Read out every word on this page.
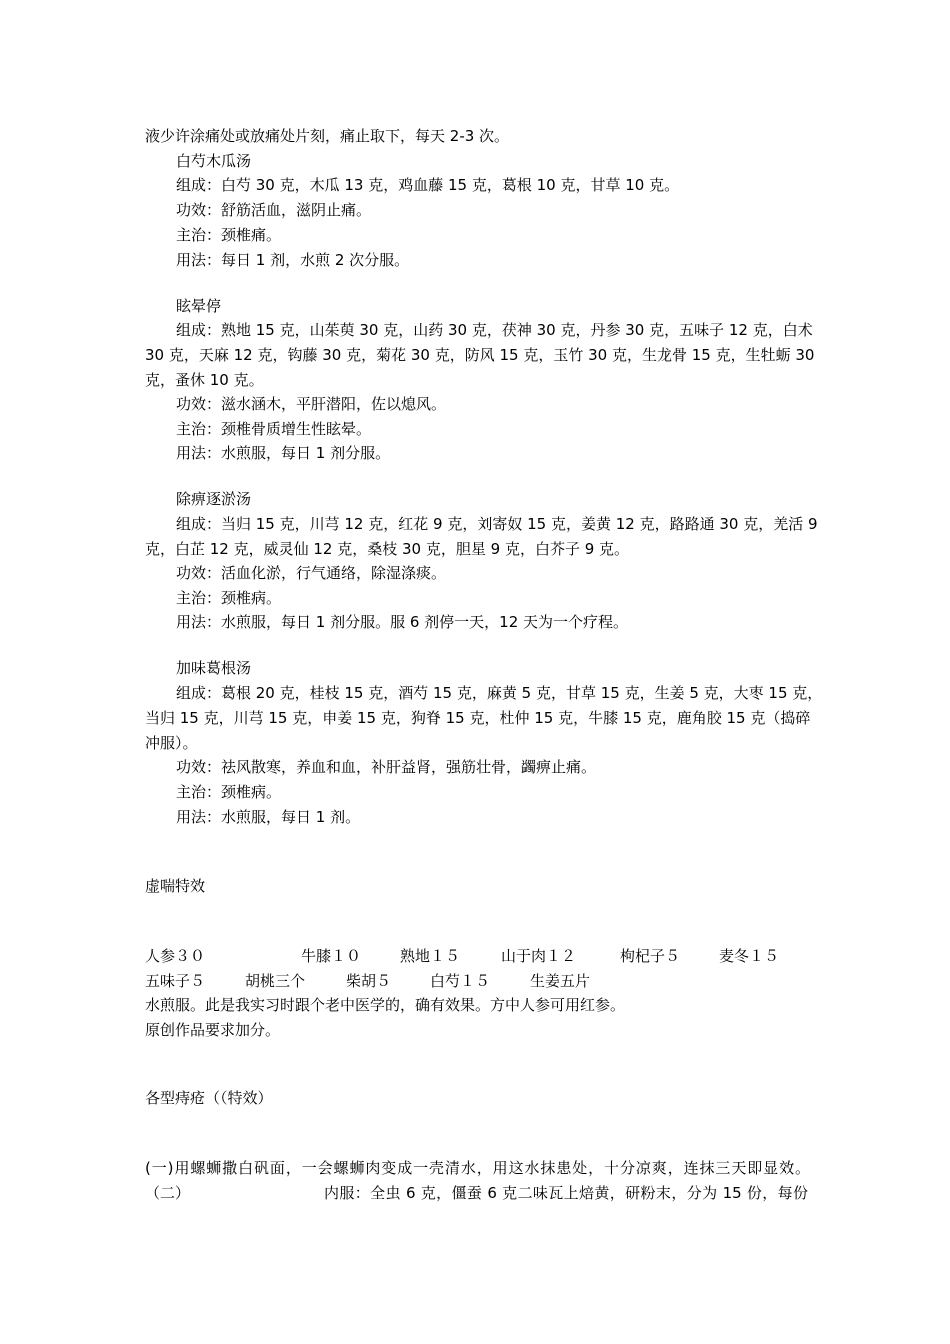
液少许涂痛处或放痛处片刻，痛止取下，每天 2-3 次。
白芍木瓜汤
组成：白芍 30 克，木瓜 13 克，鸡血藤 15 克，葛根 10 克，甘草 10 克。
功效：舒筋活血，滋阴止痛。
主治：颈椎痛。
用法：每日 1 剂，水煎 2 次分服。
眩晕停
组成：熟地 15 克，山茱萸 30 克，山药 30 克，茯神 30 克，丹参 30 克，五味子 12 克，白术
30 克，天麻 12 克，钩藤 30 克，菊花 30 克，防风 15 克，玉竹 30 克，生龙骨 15 克，生牡蛎 30
克，蚤休 10 克。
功效：滋水涵木，平肝潜阳，佐以熄风。
主治：颈椎骨质增生性眩晕。
用法：水煎服，每日 1 剂分服。
除痹逐淤汤
组成：当归 15 克，川芎 12 克，红花 9 克，刘寄奴 15 克，姜黄 12 克，路路通 30 克，羌活 9
克，白芷 12 克，威灵仙 12 克，桑枝 30 克，胆星 9 克，白芥子 9 克。
功效：活血化淤，行气通络，除湿涤痰。
主治：颈椎病。
用法：水煎服，每日 1 剂分服。服 6 剂停一天，12 天为一个疗程。
加味葛根汤
组成：葛根 20 克，桂枝 15 克，酒芍 15 克，麻黄 5 克，甘草 15 克，生姜 5 克，大枣 15 克，
当归 15 克，川芎 15 克，申姜 15 克，狗脊 15 克，杜仲 15 克，牛膝 15 克，鹿角胶 15 克（捣碎
冲服）。
功效：祛风散寒，养血和血，补肝益肾，强筋壮骨，蠲痹止痛。
主治：颈椎病。
用法：水煎服，每日 1 剂。
虚喘特效
人参３０	牛膝１０	熟地１５	山于肉１２	枸杞子５	麦冬１５
五味子５	胡桃三个	柴胡５	白芍１５	生姜五片
水煎服。此是我实习时跟个老中医学的，确有效果。方中人参可用红参。
原创作品要求加分。
各型痔疮（（特效）
(一)用螺蛳撒白矾面，一会螺蛳肉变成一壳清水，用这水抹患处，十分凉爽，连抹三天即显效。
（二）	内服：全虫 6 克，僵蚕 6 克二味瓦上焙黄，研粉末，分为 15 份，每份
